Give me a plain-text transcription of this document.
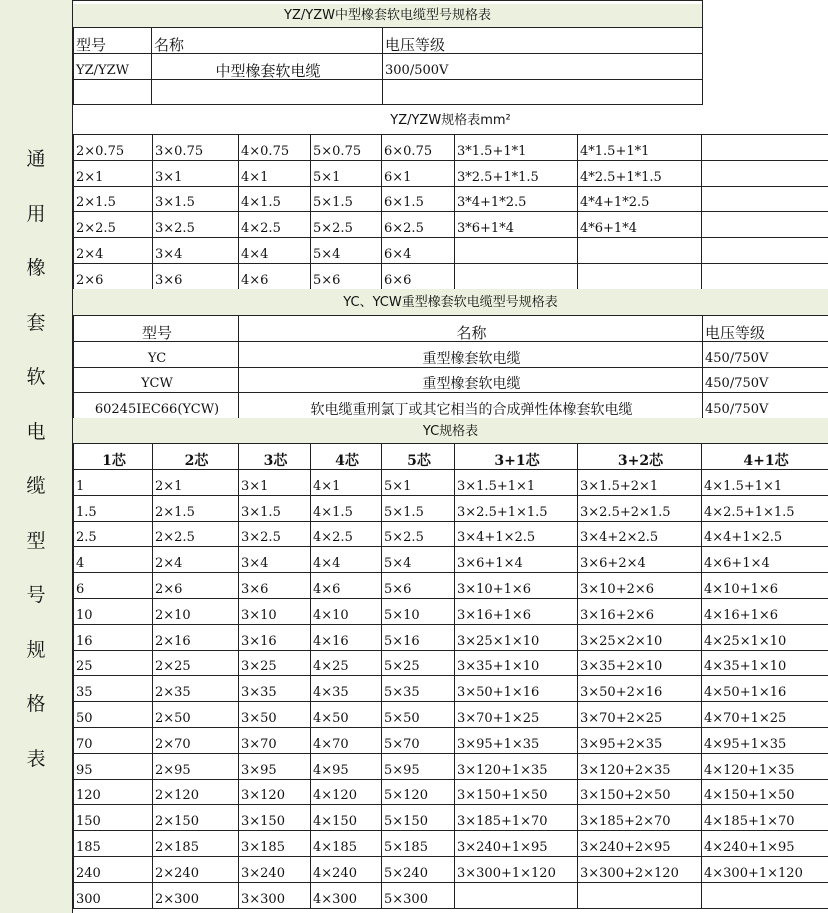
通
用
橡
套
软
电
缆
型
号
规
格
表
YZ/YZW中型橡套软电缆型号规格表
型号	名称	电压等级
YZ/YZW	中型橡套软电缆	300/500V

YZ/YZW规格表mm²
2×0.75	3×0.75	4×0.75	5×0.75	6×0.75	3*1.5+1*1	4*1.5+1*1	
2×1	3×1	4×1	5×1	6×1	3*2.5+1*1.5	4*2.5+1*1.5	
2×1.5	3×1.5	4×1.5	5×1.5	6×1.5	3*4+1*2.5	4*4+1*2.5	
2×2.5	3×2.5	4×2.5	5×2.5	6×2.5	3*6+1*4	4*6+1*4	
2×4	3×4	4×4	5×4	6×4			
2×6	3×6	4×6	5×6	6×6			
YC、YCW重型橡套软电缆型号规格表
型号	名称	电压等级
YC	重型橡套软电缆	450/750V
YCW	重型橡套软电缆	450/750V
60245IEC66(YCW)	软电缆重刑氯丁或其它相当的合成弹性体橡套软电缆	450/750V
YC规格表
1芯	2芯	3芯	4芯	5芯	3+1芯	3+2芯	4+1芯
1	2×1	3×1	4×1	5×1	3×1.5+1×1	3×1.5+2×1	4×1.5+1×1
1.5	2×1.5	3×1.5	4×1.5	5×1.5	3×2.5+1×1.5	3×2.5+2×1.5	4×2.5+1×1.5
2.5	2×2.5	3×2.5	4×2.5	5×2.5	3×4+1×2.5	3×4+2×2.5	4×4+1×2.5
4	2×4	3×4	4×4	5×4	3×6+1×4	3×6+2×4	4×6+1×4
6	2×6	3×6	4×6	5×6	3×10+1×6	3×10+2×6	4×10+1×6
10	2×10	3×10	4×10	5×10	3×16+1×6	3×16+2×6	4×16+1×6
16	2×16	3×16	4×16	5×16	3×25×1×10	3×25×2×10	4×25×1×10
25	2×25	3×25	4×25	5×25	3×35+1×10	3×35+2×10	4×35+1×10
35	2×35	3×35	4×35	5×35	3×50+1×16	3×50+2×16	4×50+1×16
50	2×50	3×50	4×50	5×50	3×70+1×25	3×70+2×25	4×70+1×25
70	2×70	3×70	4×70	5×70	3×95+1×35	3×95+2×35	4×95+1×35
95	2×95	3×95	4×95	5×95	3×120+1×35	3×120+2×35	4×120+1×35
120	2×120	3×120	4×120	5×120	3×150+1×50	3×150+2×50	4×150+1×50
150	2×150	3×150	4×150	5×150	3×185+1×70	3×185+2×70	4×185+1×70
185	2×185	3×185	4×185	5×185	3×240+1×95	3×240+2×95	4×240+1×95
240	2×240	3×240	4×240	5×240	3×300+1×120	3×300+2×120	4×300+1×120
300	2×300	3×300	4×300	5×300			
